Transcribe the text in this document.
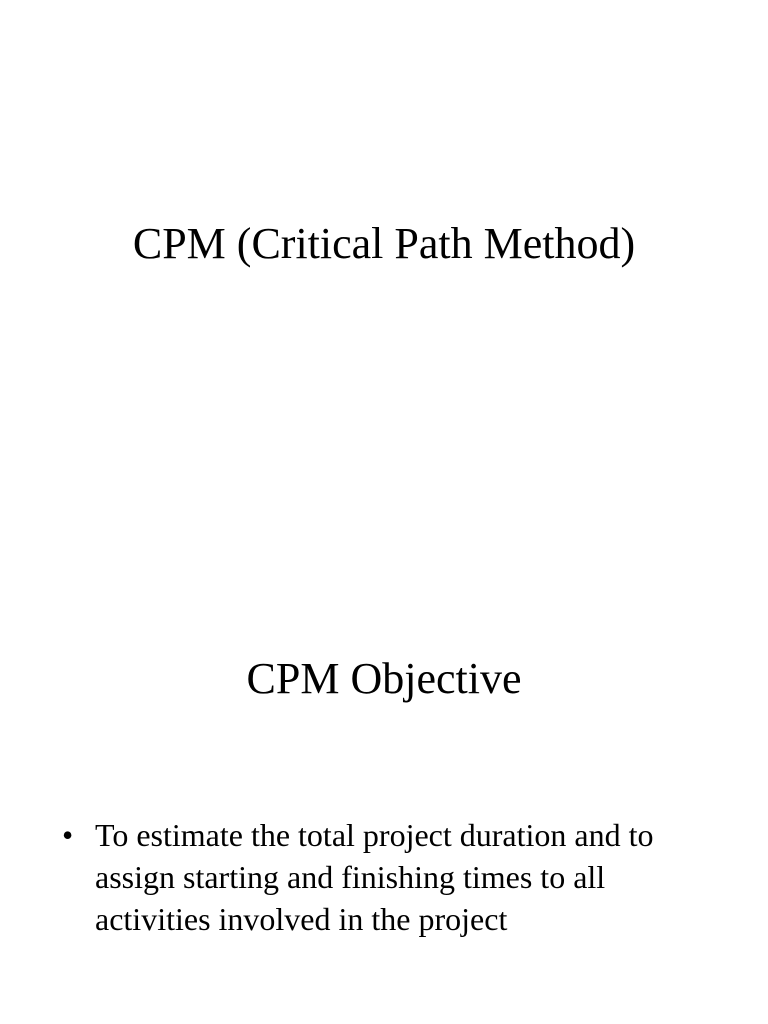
CPM (Critical Path Method)
CPM Objective
• To estimate the total project duration and to assign starting and finishing times to all activities involved in the project
